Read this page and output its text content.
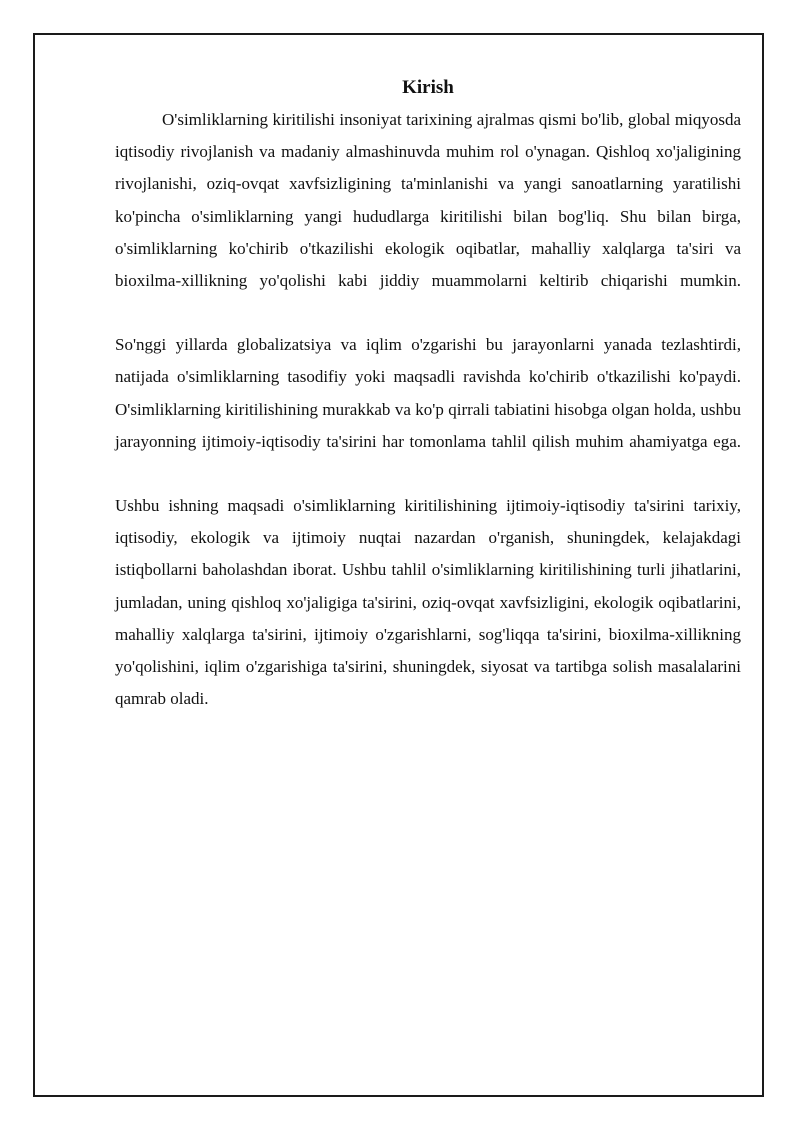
Kirish

O'simliklarning kiritilishi insoniyat tarixining ajralmas qismi bo'lib, global miqyosda iqtisodiy rivojlanish va madaniy almashinuvda muhim rol o'ynagan. Qishloq xo'jaligining rivojlanishi, oziq-ovqat xavfsizligining ta'minlanishi va yangi sanoatlarning yaratilishi ko'pincha o'simliklarning yangi hududlarga kiritilishi bilan bog'liq. Shu bilan birga, o'simliklarning ko'chirib o'tkazilishi ekologik oqibatlar, mahalliy xalqlarga ta'siri va bioxilma-xillikning yo'qolishi kabi jiddiy muammolarni keltirib chiqarishi mumkin.

So'nggi yillarda globalizatsiya va iqlim o'zgarishi bu jarayonlarni yanada tezlashtirdi, natijada o'simliklarning tasodifiy yoki maqsadli ravishda ko'chirib o'tkazilishi ko'paydi. O'simliklarning kiritilishining murakkab va ko'p qirrali tabiatini hisobga olgan holda, ushbu jarayonning ijtimoiy-iqtisodiy ta'sirini har tomonlama tahlil qilish muhim ahamiyatga ega.

Ushbu ishning maqsadi o'simliklarning kiritilishining ijtimoiy-iqtisodiy ta'sirini tarixiy, iqtisodiy, ekologik va ijtimoiy nuqtai nazardan o'rganish, shuningdek, kelajakdagi istiqbollarni baholashdan iborat. Ushbu tahlil o'simliklarning kiritilishining turli jihatlarini, jumladan, uning qishloq xo'jaligiga ta'sirini, oziq-ovqat xavfsizligini, ekologik oqibatlarini, mahalliy xalqlarga ta'sirini, ijtimoiy o'zgarishlarni, sog'liqqa ta'sirini, bioxilma-xillikning yo'qolishini, iqlim o'zgarishiga ta'sirini, shuningdek, siyosat va tartibga solish masalalarini qamrab oladi.
